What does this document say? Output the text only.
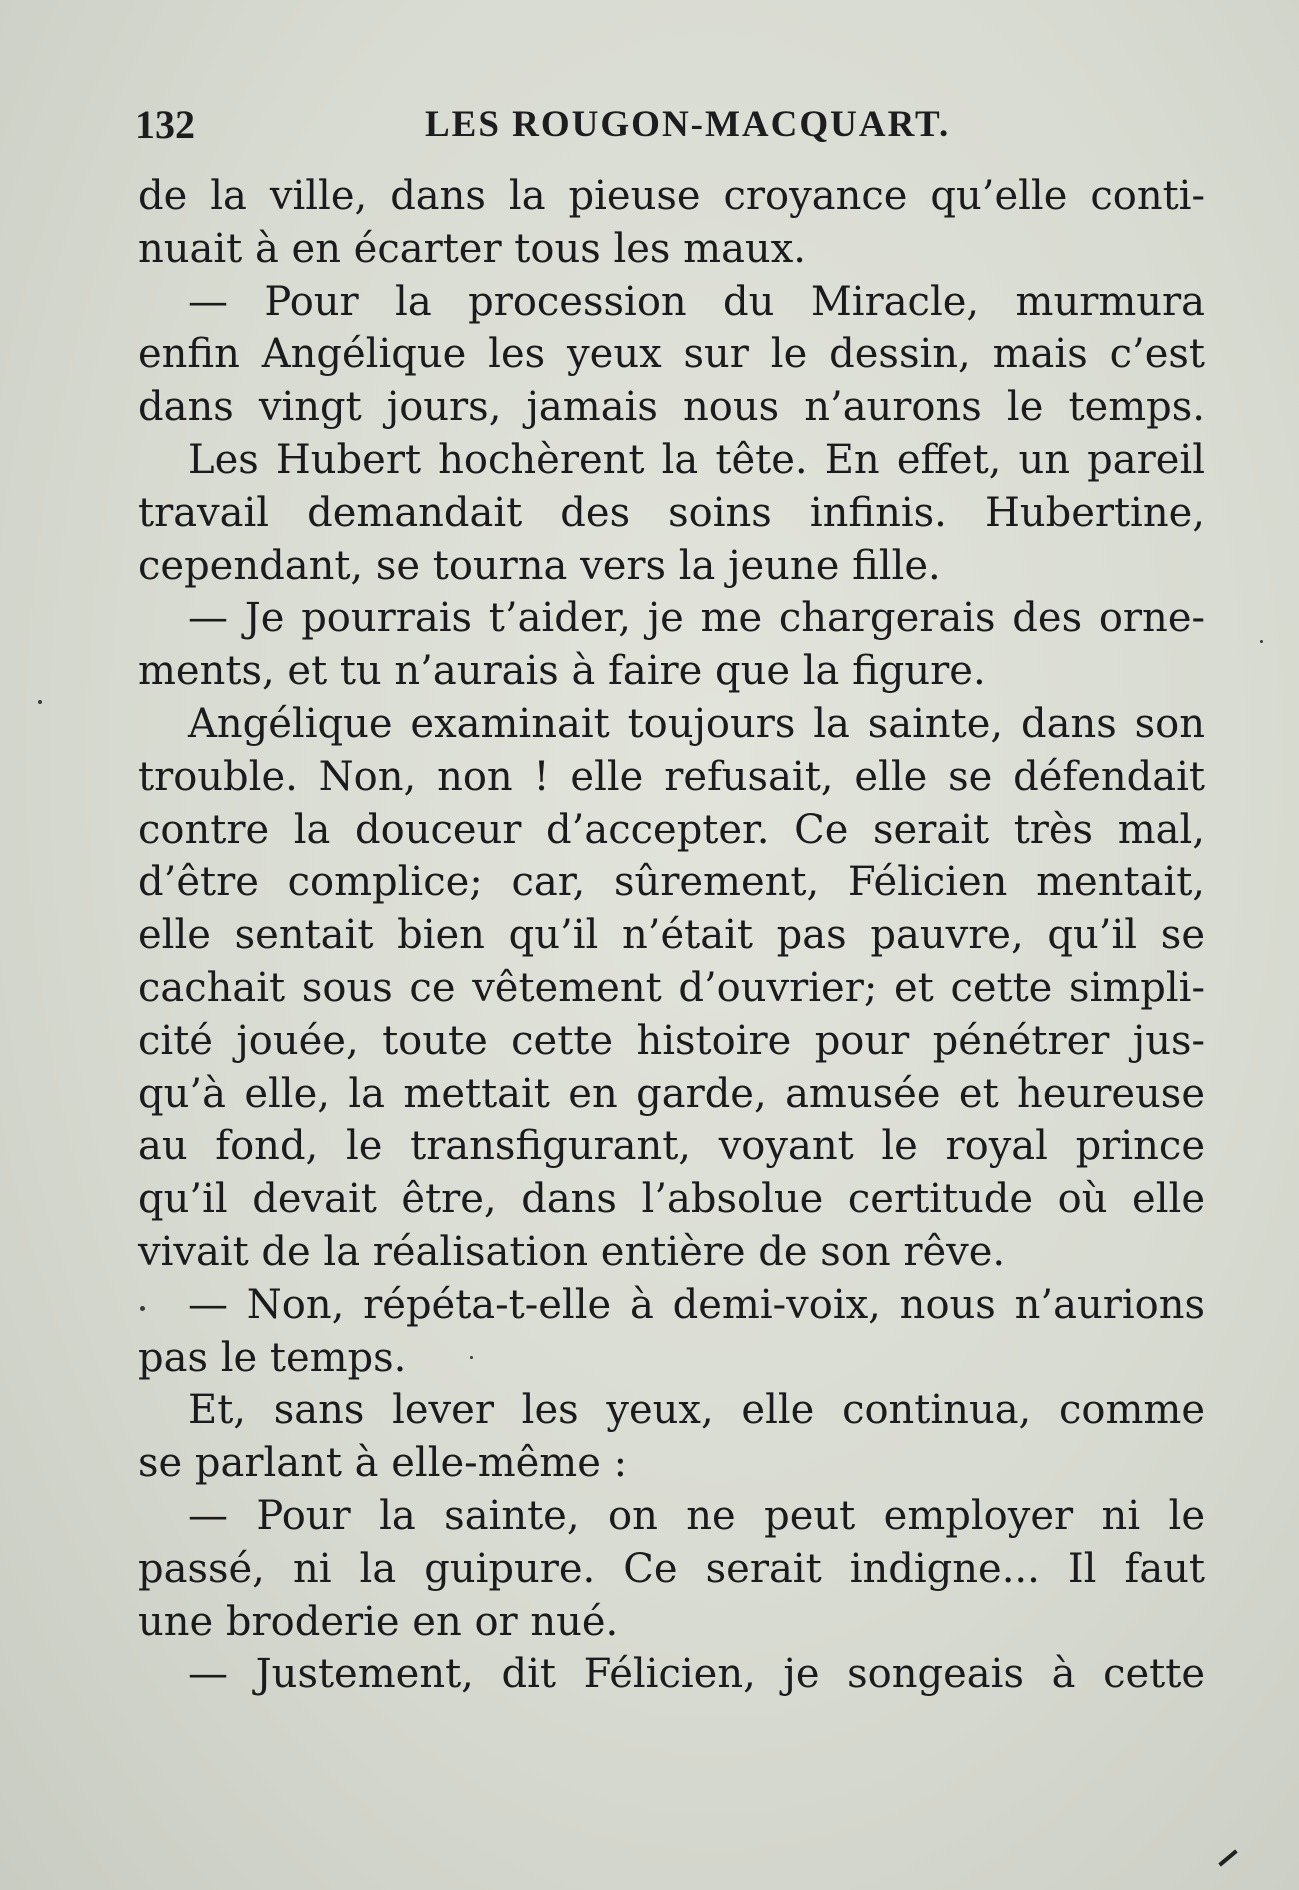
132	LES ROUGON-MACQUART.
de la ville, dans la pieuse croyance qu’elle conti-
nuait à en écarter tous les maux.
— Pour la procession du Miracle, murmura
enfin Angélique les yeux sur le dessin, mais c’est
dans vingt jours, jamais nous n’aurons le temps.
Les Hubert hochèrent la tête. En effet, un pareil
travail demandait des soins infinis. Hubertine,
cependant, se tourna vers la jeune fille.
— Je pourrais t’aider, je me chargerais des orne-
ments, et tu n’aurais à faire que la figure.
Angélique examinait toujours la sainte, dans son
trouble. Non, non ! elle refusait, elle se défendait
contre la douceur d’accepter. Ce serait très mal,
d’être complice; car, sûrement, Félicien mentait,
elle sentait bien qu’il n’était pas pauvre, qu’il se
cachait sous ce vêtement d’ouvrier; et cette simpli-
cité jouée, toute cette histoire pour pénétrer jus-
qu’à elle, la mettait en garde, amusée et heureuse
au fond, le transfigurant, voyant le royal prince
qu’il devait être, dans l’absolue certitude où elle
vivait de la réalisation entière de son rêve.
— Non, répéta-t-elle à demi-voix, nous n’aurions
pas le temps.
Et, sans lever les yeux, elle continua, comme
se parlant à elle-même :
— Pour la sainte, on ne peut employer ni le
passé, ni la guipure. Ce serait indigne... Il faut
une broderie en or nué.
— Justement, dit Félicien, je songeais à cette
